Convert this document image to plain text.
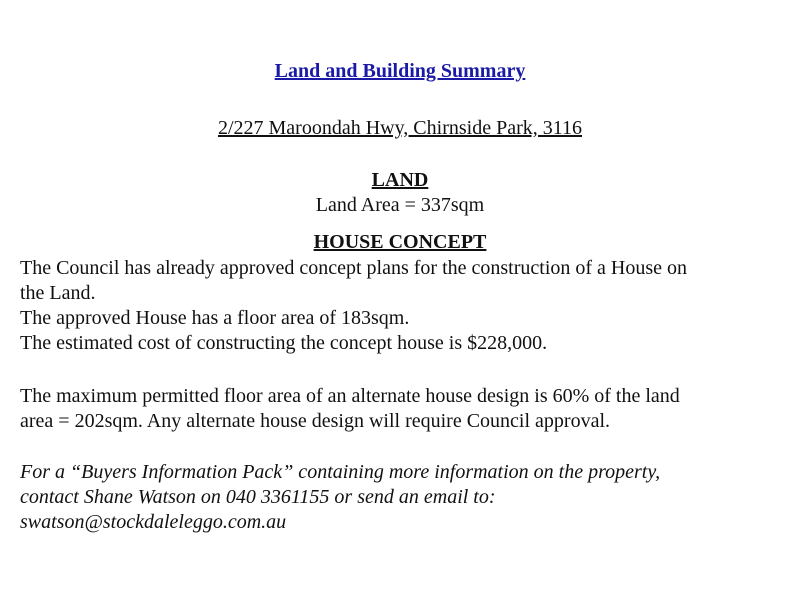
Land and Building Summary
2/227 Maroondah Hwy, Chirnside Park, 3116
LAND
Land Area = 337sqm
HOUSE CONCEPT
The Council has already approved concept plans for the construction of a House on
the Land.
The approved House has a floor area of 183sqm.
The estimated cost of constructing the concept house is $228,000.
The maximum permitted floor area of an alternate house design is 60% of the land
area = 202sqm. Any alternate house design will require Council approval.
For a “Buyers Information Pack” containing more information on the property,
contact Shane Watson on 040 3361155 or send an email to:
swatson@stockdaleleggo.com.au
